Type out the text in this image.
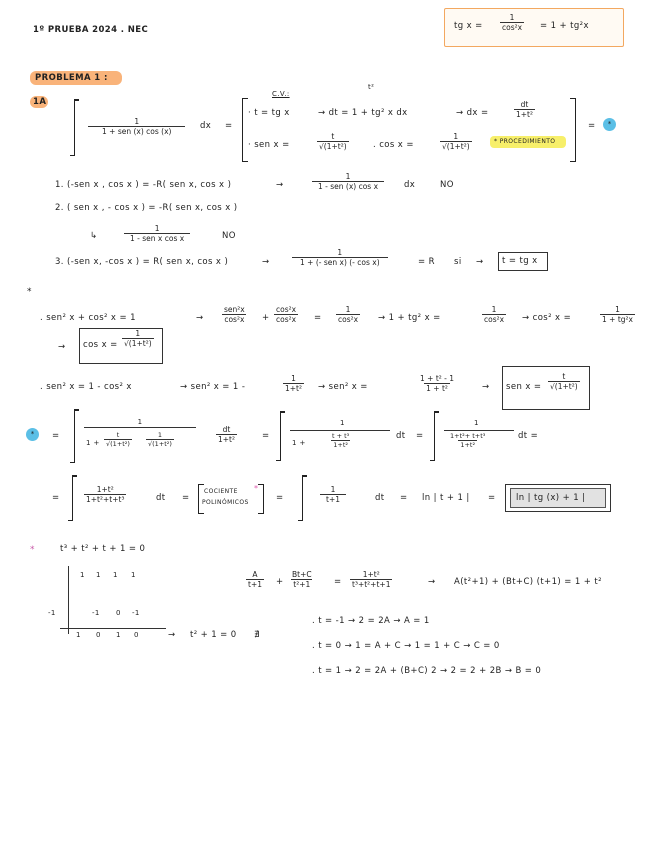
1º PRUEBA 2024 . NEC	tg $x = \frac{1}{\text{cos²x}} = 1 + tg^2x$
PROBLEMA 1 :
1A
1
1 + sen (x) cos (x)
dx =
C.V.:
t²
· t = tg x	→ dt = 1 + tg² x dx	→ dx =	$\frac{dt}{\text{1+t²}}$
· sen x =	$\frac{t}{\text{√(1+t²)}}$	. cos x =	$\frac{1}{\text{√(1+t²)}}$	* PROCEDIMIENTO
=	*
1. (-sen x , cos x ) = -R( sen x, cos x )	→
1
1 - sen (x) cos x	dx	NO
2. ( sen x , - cos x ) = -R( sen x, cos x )
↳
1
1 - sen x cos x	NO
3. (-sen x, -cos x ) = R( sen x, cos x )	→
1
1 + (- sen x) (- cos x)	= R si → t = tg x
*
. sen² x + cos² x = 1	→
sen²x
$\cos^2x + \frac{\text{cos²x}}{\text{cos²x}} = \frac{1}{\text{cos²x}} \to 1 + tg^2$ x =	$\frac{1}{\text{cos²x}} \to \cos^2$ x =	$\frac{1}{\text{1 + tg²x}}$
→ $\cos x = \frac{1}{\text{√(1+t²)}}$
. sen² x = 1 - cos² x	→ sen² x = 1 -	$\frac{1}{\text{1+t²}} \to sen^2$ x =	$\frac{\text{1 + t² - 1}}{\text{1 + t²}}$	→ sen $x = \frac{t}{\text{√(1+t²)}}$
*	=
1
$1 + \frac{t}{\text{√(1+t²)}} \frac{1}{\text{√(1+t²)}}$	$\frac{dt}{\text{1+t²}}$	=
1
1 +	$\frac{\text{t + t³}}{\text{1+t²}}$	dt =
1
$\frac{\text{1+t²+ t+t³}}{\text{1+t²}}$	dt =
=	$\frac{\text{1+t²}}{\text{1+t²+t+t³}}$	dt =
COCIENTE
POLINÓMICOS
*
=	$\frac{1}{t+1}$	dt = ln | t + 1 | = ln | tg (x) + 1 |
*	t³ + t² + t + 1 = 0
1 1 1 1
-1	-1 0 -1
1 0 1 0	→ t² + 1 = 0 ∄
$\frac{A}{t+1} + \frac{Bt+C}{\text{t²+1}} = \frac{\text{1+t²}}{\text{t³+t²+t+1}}$	→ A(t²+1) + (Bt+C) (t+1) = 1 + t²
. t = -1 → 2 = 2A → A = 1
. t = 0 → 1 = A + C → 1 = 1 + C → C = 0
. t = 1 → 2 = 2A + (B+C) 2 → 2 = 2 + 2B → B = 0
